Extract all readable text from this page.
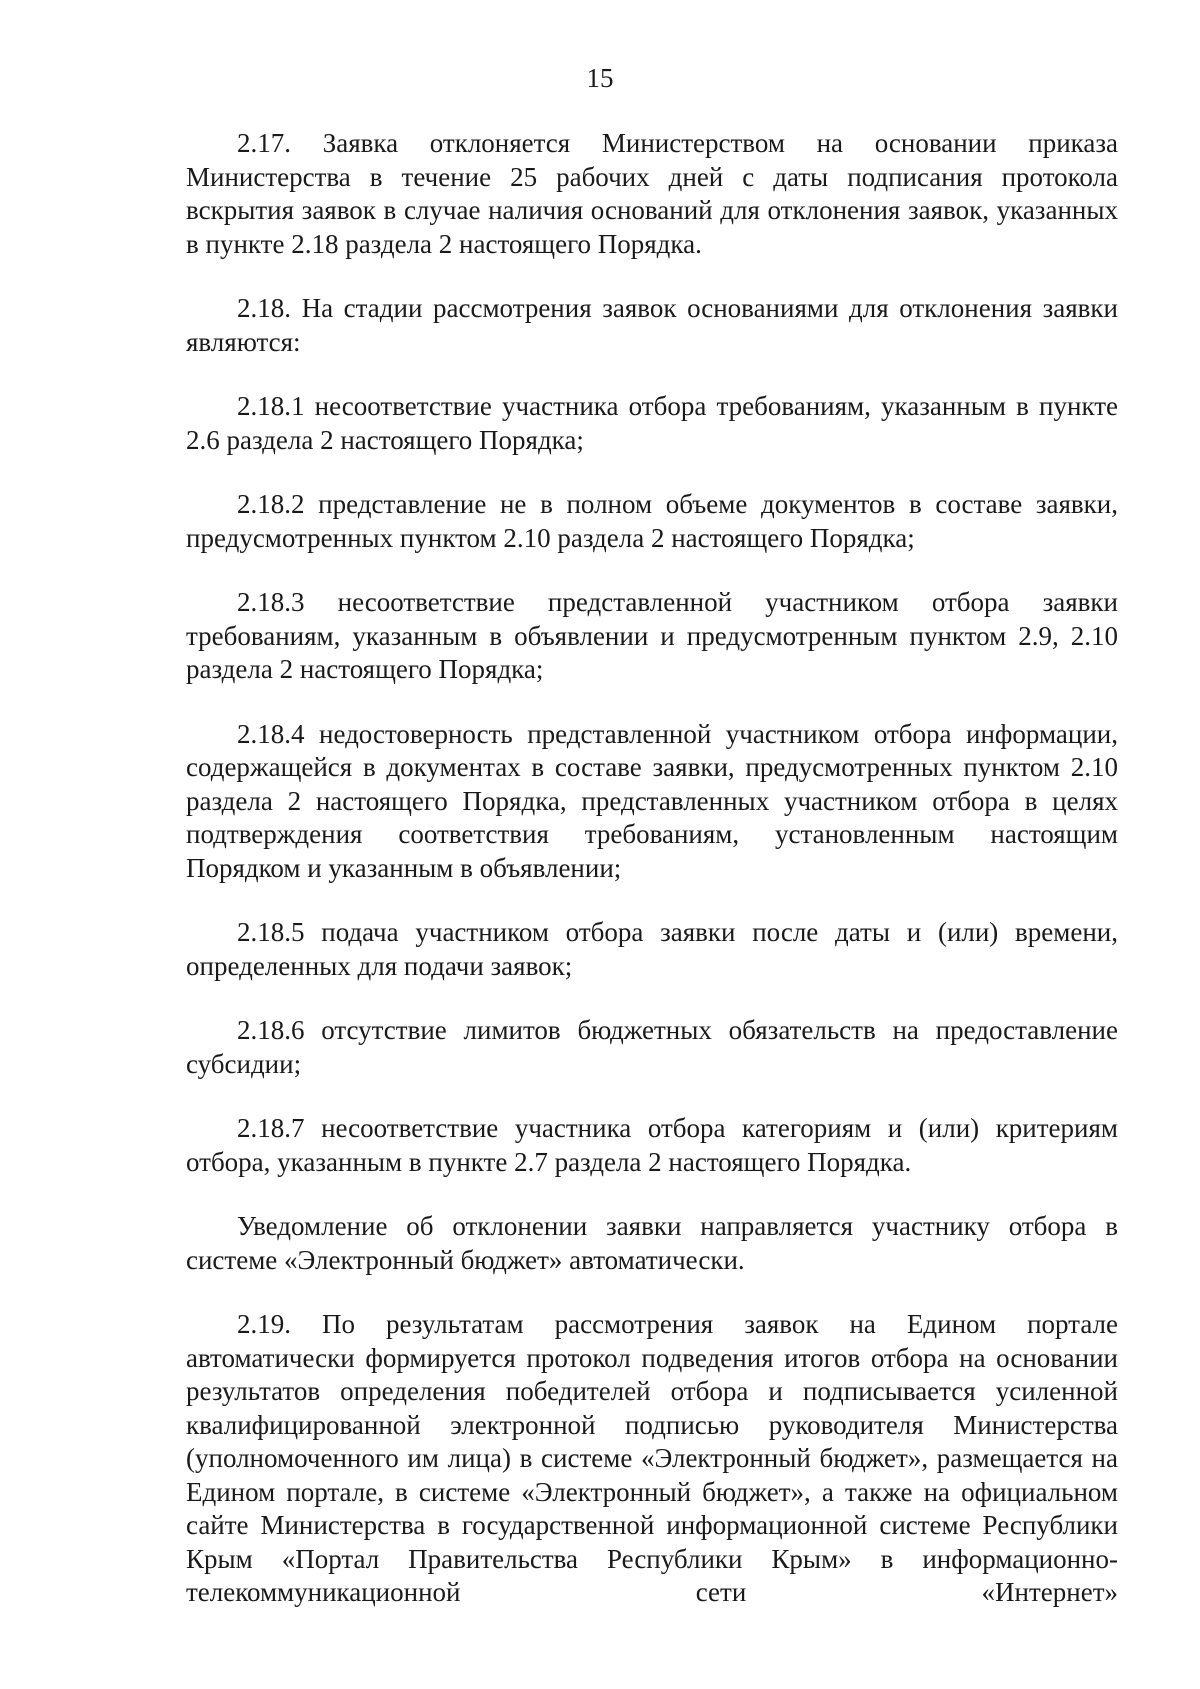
15

2.17. Заявка отклоняется Министерством на основании приказа Министерства в течение 25 рабочих дней с даты подписания протокола вскрытия заявок в случае наличия оснований для отклонения заявок, указанных в пункте 2.18 раздела 2 настоящего Порядка.

2.18. На стадии рассмотрения заявок основаниями для отклонения заявки являются:

2.18.1 несоответствие участника отбора требованиям, указанным в пункте 2.6 раздела 2 настоящего Порядка;

2.18.2 представление не в полном объеме документов в составе заявки, предусмотренных пунктом 2.10 раздела 2 настоящего Порядка;

2.18.3 несоответствие представленной участником отбора заявки требованиям, указанным в объявлении и предусмотренным пунктом 2.9, 2.10 раздела 2 настоящего Порядка;

2.18.4 недостоверность представленной участником отбора информации, содержащейся в документах в составе заявки, предусмотренных пунктом 2.10 раздела 2 настоящего Порядка, представленных участником отбора в целях подтверждения соответствия требованиям, установленным настоящим Порядком и указанным в объявлении;

2.18.5 подача участником отбора заявки после даты и (или) времени, определенных для подачи заявок;

2.18.6 отсутствие лимитов бюджетных обязательств на предоставление субсидии;

2.18.7 несоответствие участника отбора категориям и (или) критериям отбора, указанным в пункте 2.7 раздела 2 настоящего Порядка.

Уведомление об отклонении заявки направляется участнику отбора в системе «Электронный бюджет» автоматически.

2.19. По результатам рассмотрения заявок на Едином портале автоматически формируется протокол подведения итогов отбора на основании результатов определения победителей отбора и подписывается усиленной квалифицированной электронной подписью руководителя Министерства (уполномоченного им лица) в системе «Электронный бюджет», размещается на Едином портале, в системе «Электронный бюджет», а также на официальном сайте Министерства в государственной информационной системе Республики Крым «Портал Правительства Республики Крым» в информационно-телекоммуникационной сети «Интернет»
